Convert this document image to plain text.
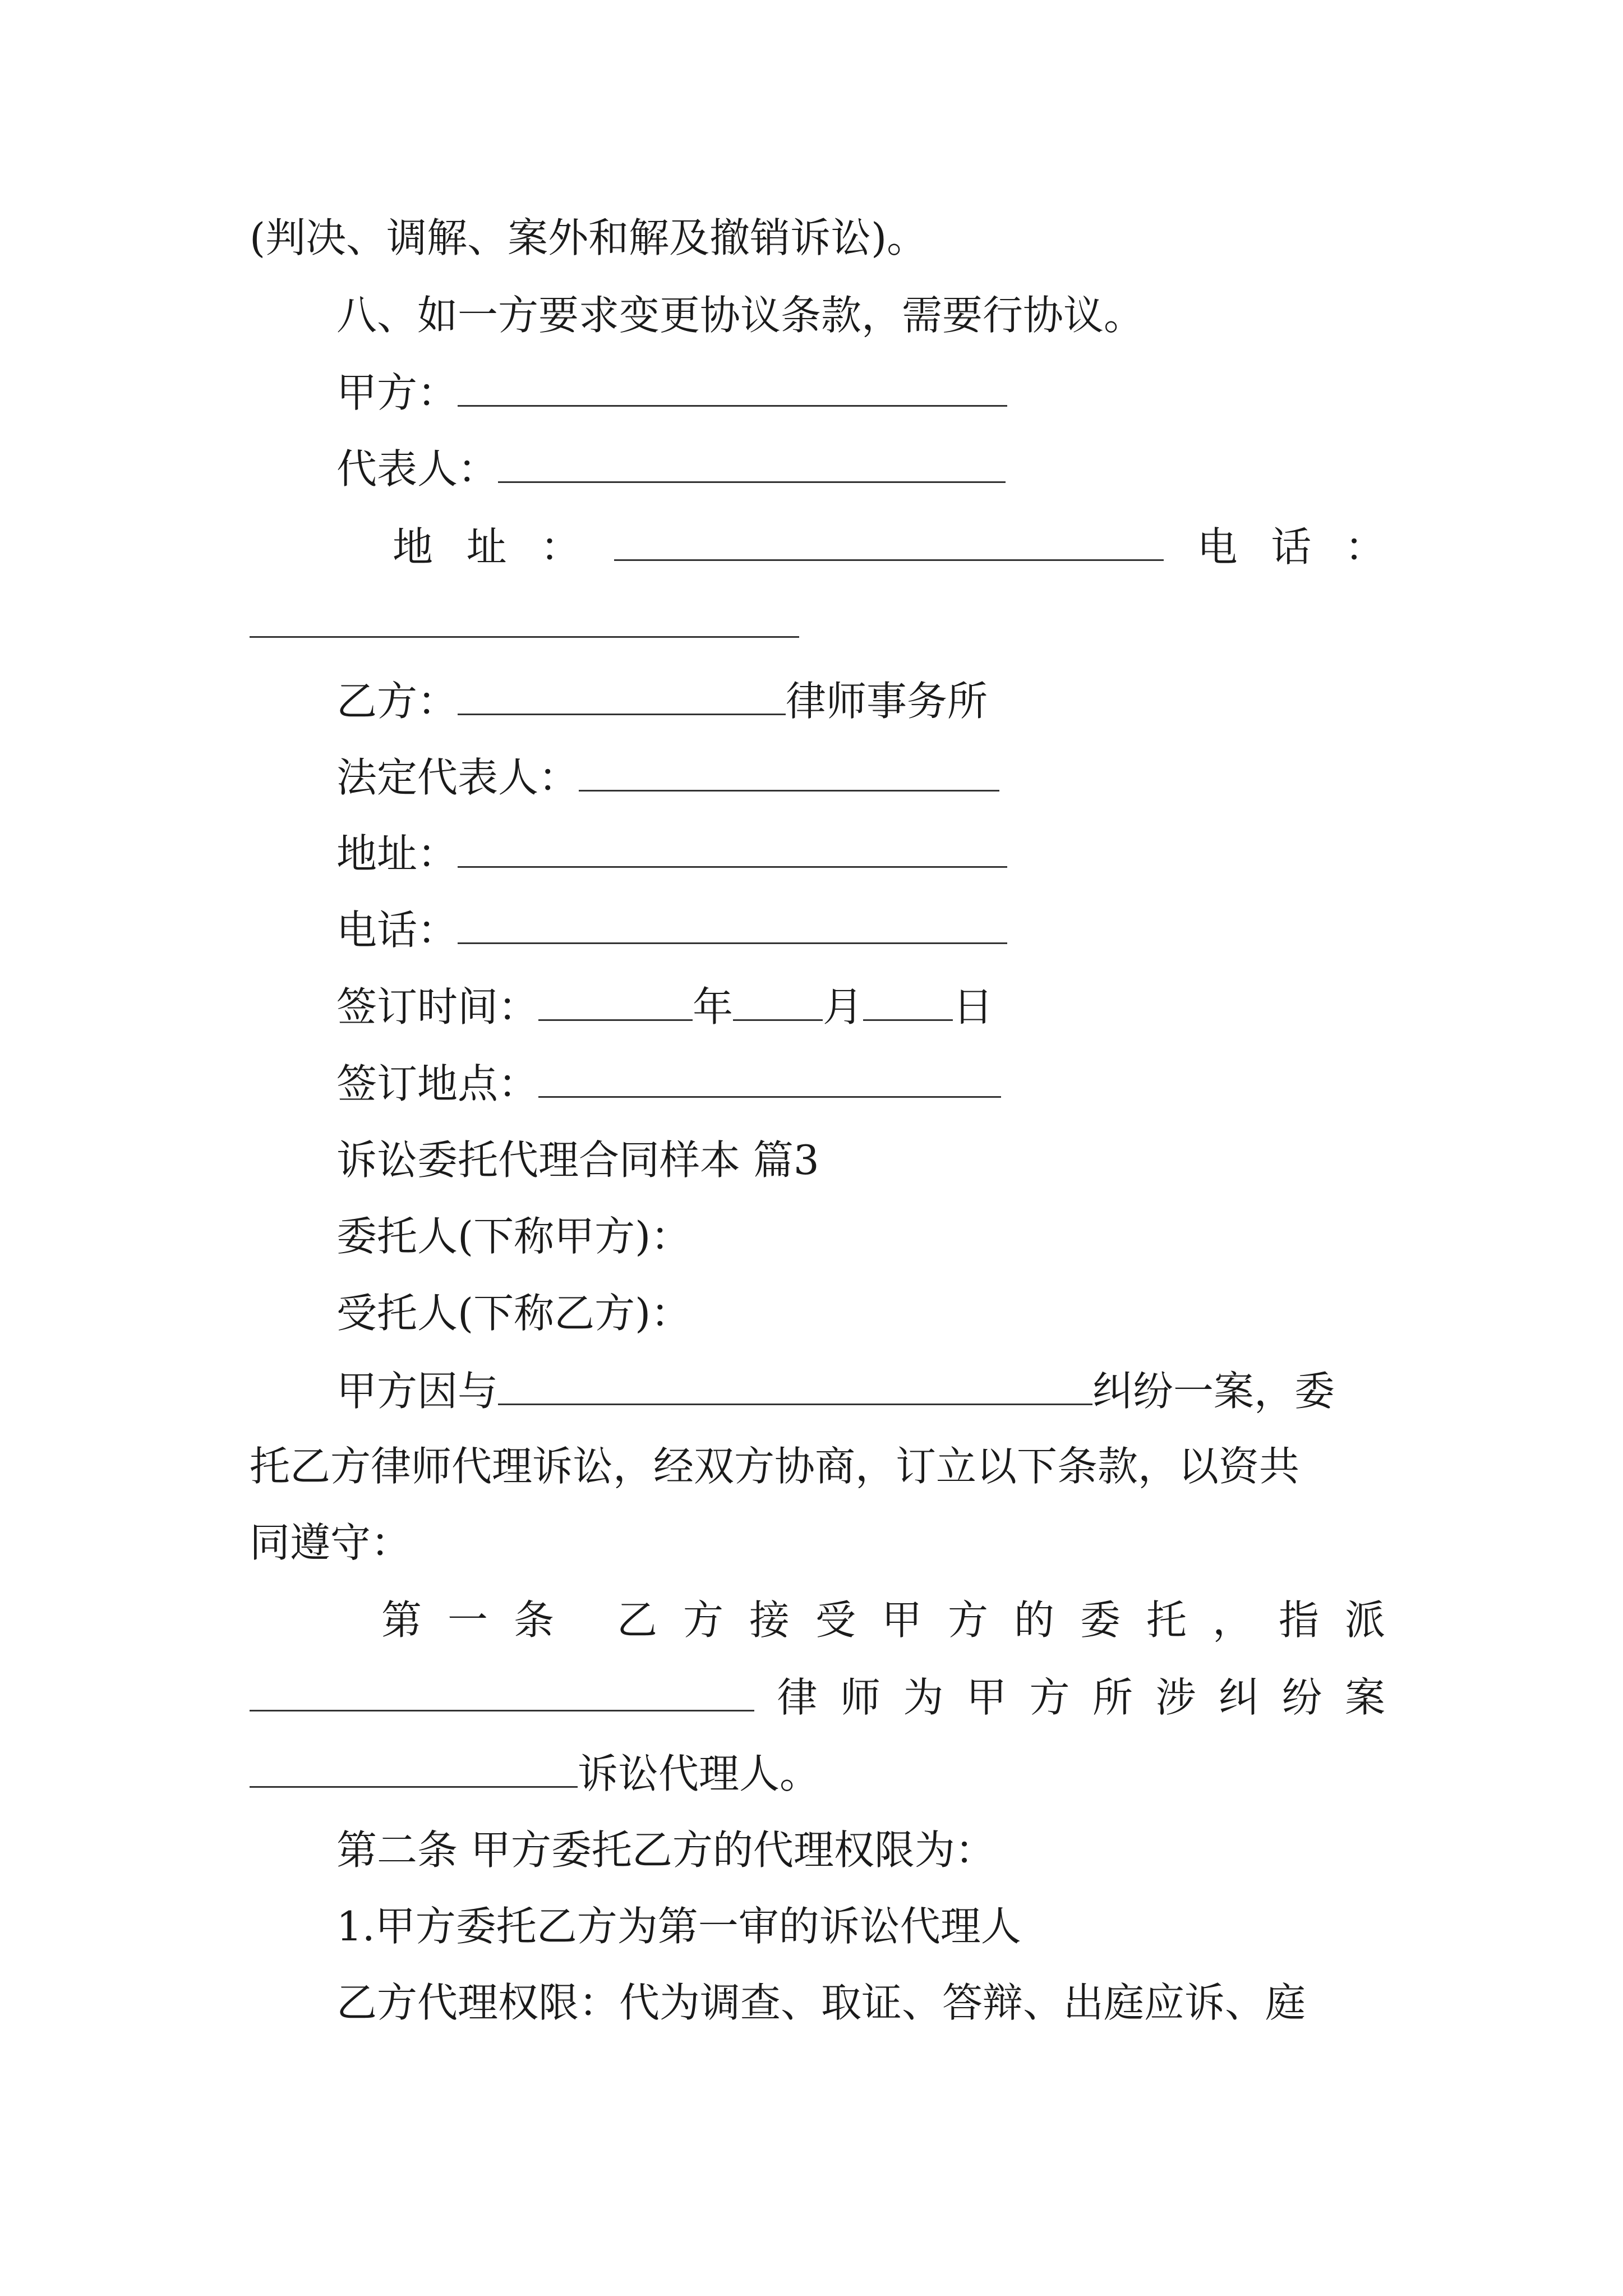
(判决、调解、案外和解及撤销诉讼)。
八、如一方要求变更协议条款，需要行协议。
甲方：
代表人：
地 址 ：	电 话 ：
乙方：	律师事务所
法定代表人：
地址：
电话：
签订时间：	年 月 日
签订地点：
诉讼委托代理合同样本 篇3
委托人(下称甲方)：
受托人(下称乙方)：
甲方因与	纠纷一案，委
托乙方律师代理诉讼，经双方协商，订立以下条款，以资共
同遵守：
第 一 条 乙 方 接 受 甲 方 的 委 托 ， 指 派
律 师 为 甲 方 所 涉 纠 纷 案
诉讼代理人。
第二条 甲方委托乙方的代理权限为：
1.甲方委托乙方为第一审的诉讼代理人
乙方代理权限：代为调查、取证、答辩、出庭应诉、庭
